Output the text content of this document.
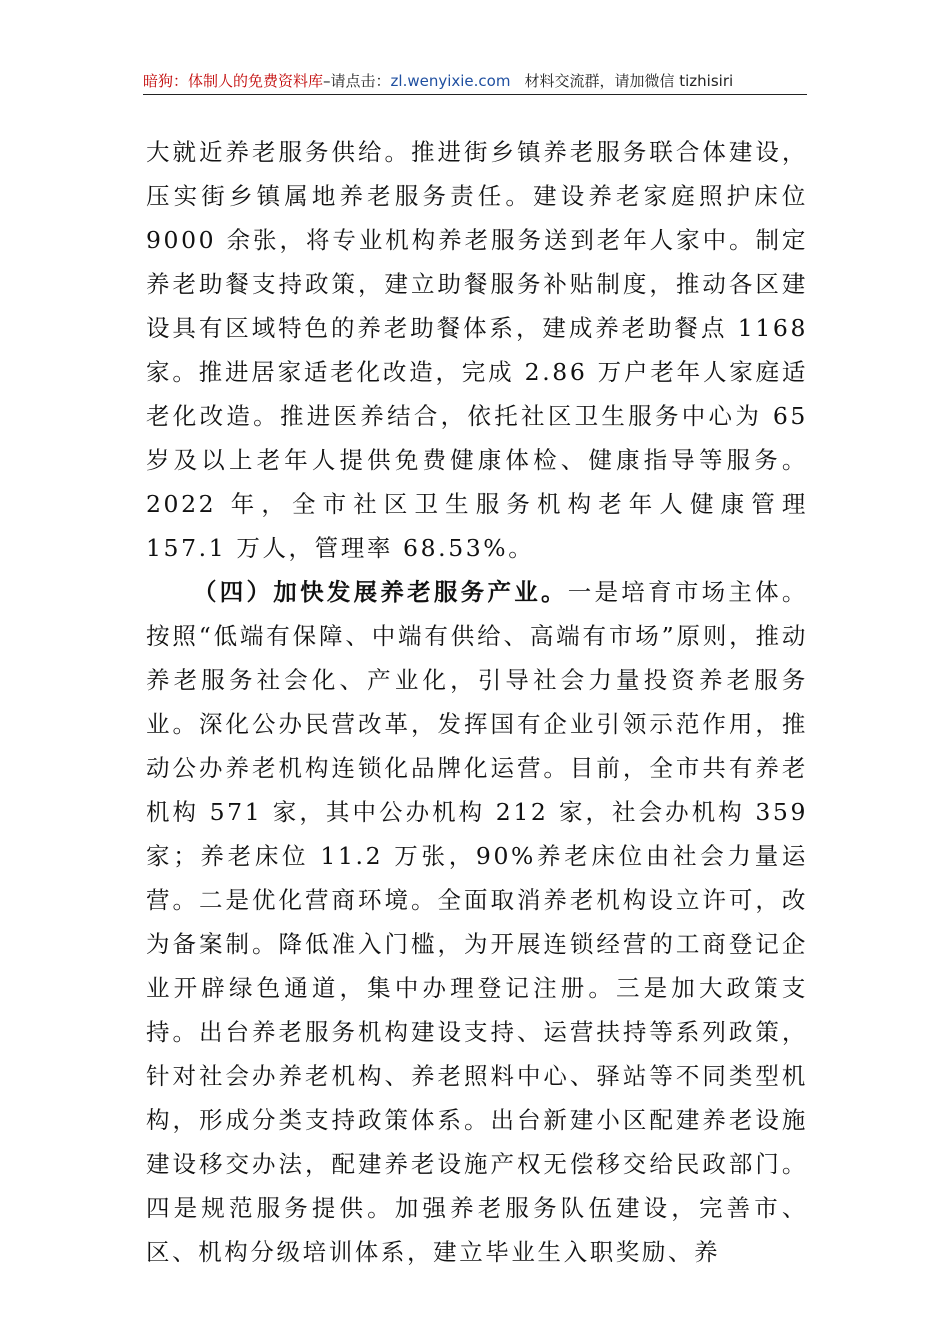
暗狗：体制人的免费资料库–请点击：zl.wenyixie.com 材料交流群，请加微信 tizhisiri

大就近养老服务供给。推进街乡镇养老服务联合体建设，压实街乡镇属地养老服务责任。建设养老家庭照护床位 9000 余张，将专业机构养老服务送到老年人家中。制定养老助餐支持政策，建立助餐服务补贴制度，推动各区建设具有区域特色的养老助餐体系，建成养老助餐点 1168 家。推进居家适老化改造，完成 2.86 万户老年人家庭适老化改造。推进医养结合，依托社区卫生服务中心为 65 岁及以上老年人提供免费健康体检、健康指导等服务。2022 年，全市社区卫生服务机构老年人健康管理 157.1 万人，管理率 68.53%。

（四）加快发展养老服务产业。一是培育市场主体。按照“低端有保障、中端有供给、高端有市场”原则，推动养老服务社会化、产业化，引导社会力量投资养老服务业。深化公办民营改革，发挥国有企业引领示范作用，推动公办养老机构连锁化品牌化运营。目前，全市共有养老机构 571 家，其中公办机构 212 家，社会办机构 359 家；养老床位 11.2 万张，90%养老床位由社会力量运营。二是优化营商环境。全面取消养老机构设立许可，改为备案制。降低准入门槛，为开展连锁经营的工商登记企业开辟绿色通道，集中办理登记注册。三是加大政策支持。出台养老服务机构建设支持、运营扶持等系列政策，针对社会办养老机构、养老照料中心、驿站等不同类型机构，形成分类支持政策体系。出台新建小区配建养老设施建设移交办法，配建养老设施产权无偿移交给民政部门。四是规范服务提供。加强养老服务队伍建设，完善市、区、机构分级培训体系，建立毕业生入职奖励、养
